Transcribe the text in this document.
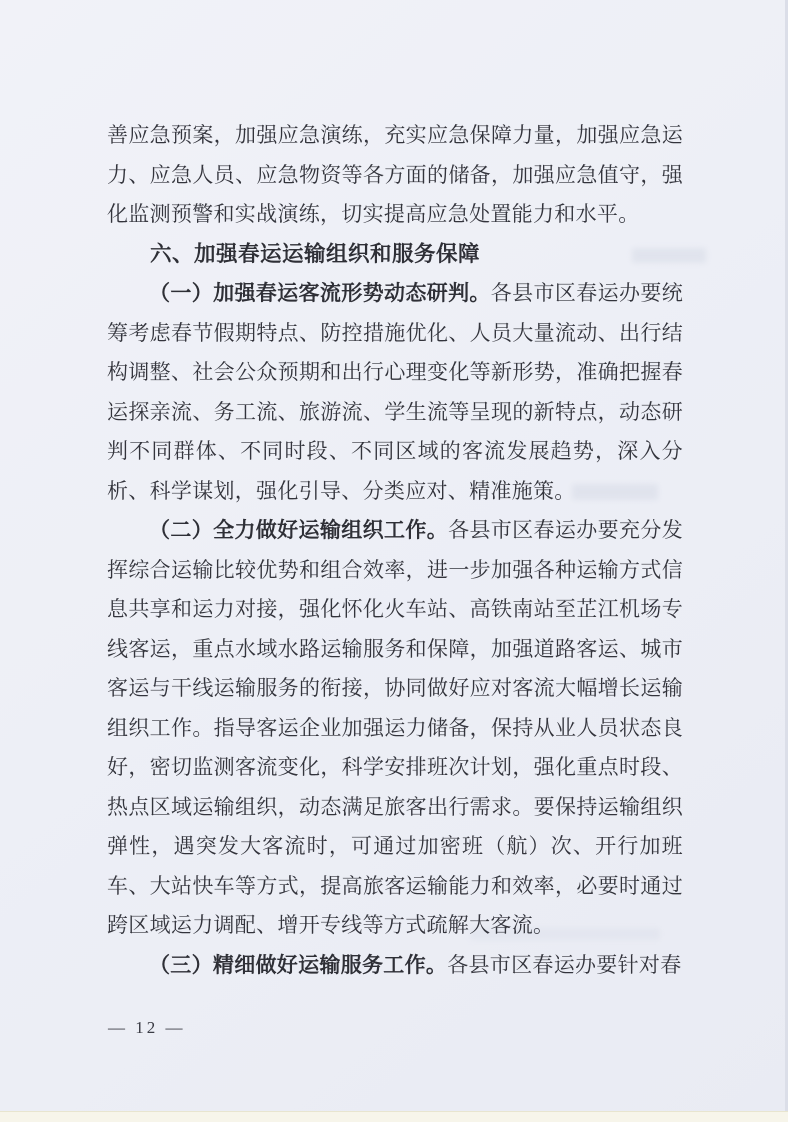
善应急预案，加强应急演练，充实应急保障力量，加强应急运力、应急人员、应急物资等各方面的储备，加强应急值守，强化监测预警和实战演练，切实提高应急处置能力和水平。

六、加强春运运输组织和服务保障

（一）加强春运客流形势动态研判。各县市区春运办要统筹考虑春节假期特点、防控措施优化、人员大量流动、出行结构调整、社会公众预期和出行心理变化等新形势，准确把握春运探亲流、务工流、旅游流、学生流等呈现的新特点，动态研判不同群体、不同时段、不同区域的客流发展趋势，深入分析、科学谋划，强化引导、分类应对、精准施策。

（二）全力做好运输组织工作。各县市区春运办要充分发挥综合运输比较优势和组合效率，进一步加强各种运输方式信息共享和运力对接，强化怀化火车站、高铁南站至芷江机场专线客运，重点水域水路运输服务和保障，加强道路客运、城市客运与干线运输服务的衔接，协同做好应对客流大幅增长运输组织工作。指导客运企业加强运力储备，保持从业人员状态良好，密切监测客流变化，科学安排班次计划，强化重点时段、热点区域运输组织，动态满足旅客出行需求。要保持运输组织弹性，遇突发大客流时，可通过加密班（航）次、开行加班车、大站快车等方式，提高旅客运输能力和效率，必要时通过跨区域运力调配、增开专线等方式疏解大客流。

（三）精细做好运输服务工作。各县市区春运办要针对春

— 12 —
